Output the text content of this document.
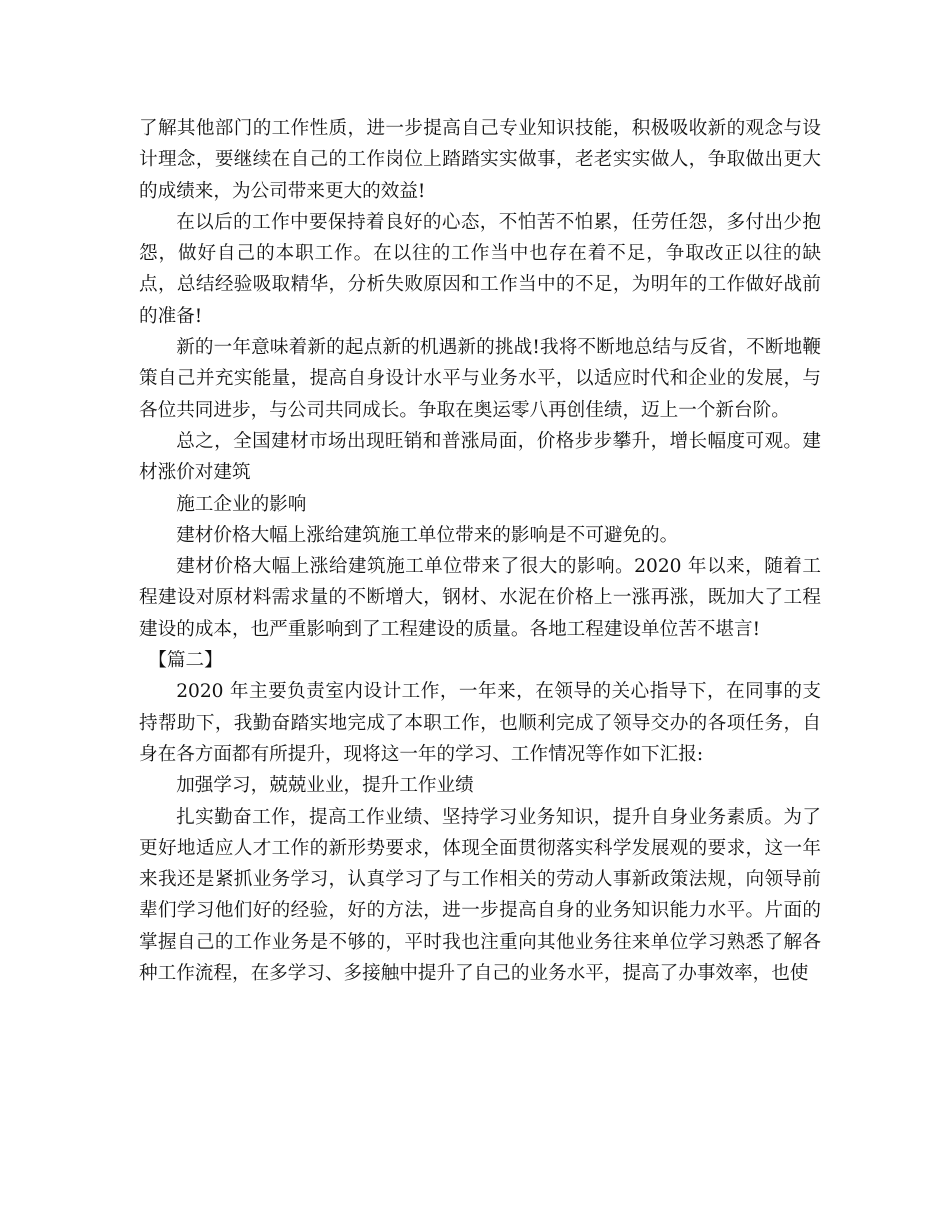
了解其他部门的工作性质，进一步提高自己专业知识技能，积极吸收新的观念与设计理念，要继续在自己的工作岗位上踏踏实实做事，老老实实做人，争取做出更大的成绩来，为公司带来更大的效益!

在以后的工作中要保持着良好的心态，不怕苦不怕累，任劳任怨，多付出少抱怨，做好自己的本职工作。在以往的工作当中也存在着不足，争取改正以往的缺点，总结经验吸取精华，分析失败原因和工作当中的不足，为明年的工作做好战前的准备!

新的一年意味着新的起点新的机遇新的挑战!我将不断地总结与反省，不断地鞭策自己并充实能量，提高自身设计水平与业务水平，以适应时代和企业的发展，与各位共同进步，与公司共同成长。争取在奥运零八再创佳绩，迈上一个新台阶。

总之，全国建材市场出现旺销和普涨局面，价格步步攀升，增长幅度可观。建材涨价对建筑

施工企业的影响

建材价格大幅上涨给建筑施工单位带来的影响是不可避免的。

建材价格大幅上涨给建筑施工单位带来了很大的影响。2020 年以来，随着工程建设对原材料需求量的不断增大，钢材、水泥在价格上一涨再涨，既加大了工程建设的成本，也严重影响到了工程建设的质量。各地工程建设单位苦不堪言!

【篇二】

2020 年主要负责室内设计工作，一年来，在领导的关心指导下，在同事的支持帮助下，我勤奋踏实地完成了本职工作，也顺利完成了领导交办的各项任务，自身在各方面都有所提升，现将这一年的学习、工作情况等作如下汇报:

加强学习，兢兢业业，提升工作业绩

扎实勤奋工作，提高工作业绩、坚持学习业务知识，提升自身业务素质。为了更好地适应人才工作的新形势要求，体现全面贯彻落实科学发展观的要求，这一年来我还是紧抓业务学习，认真学习了与工作相关的劳动人事新政策法规，向领导前辈们学习他们好的经验，好的方法，进一步提高自身的业务知识能力水平。片面的掌握自己的工作业务是不够的，平时我也注重向其他业务往来单位学习熟悉了解各种工作流程，在多学习、多接触中提升了自己的业务水平，提高了办事效率，也使
